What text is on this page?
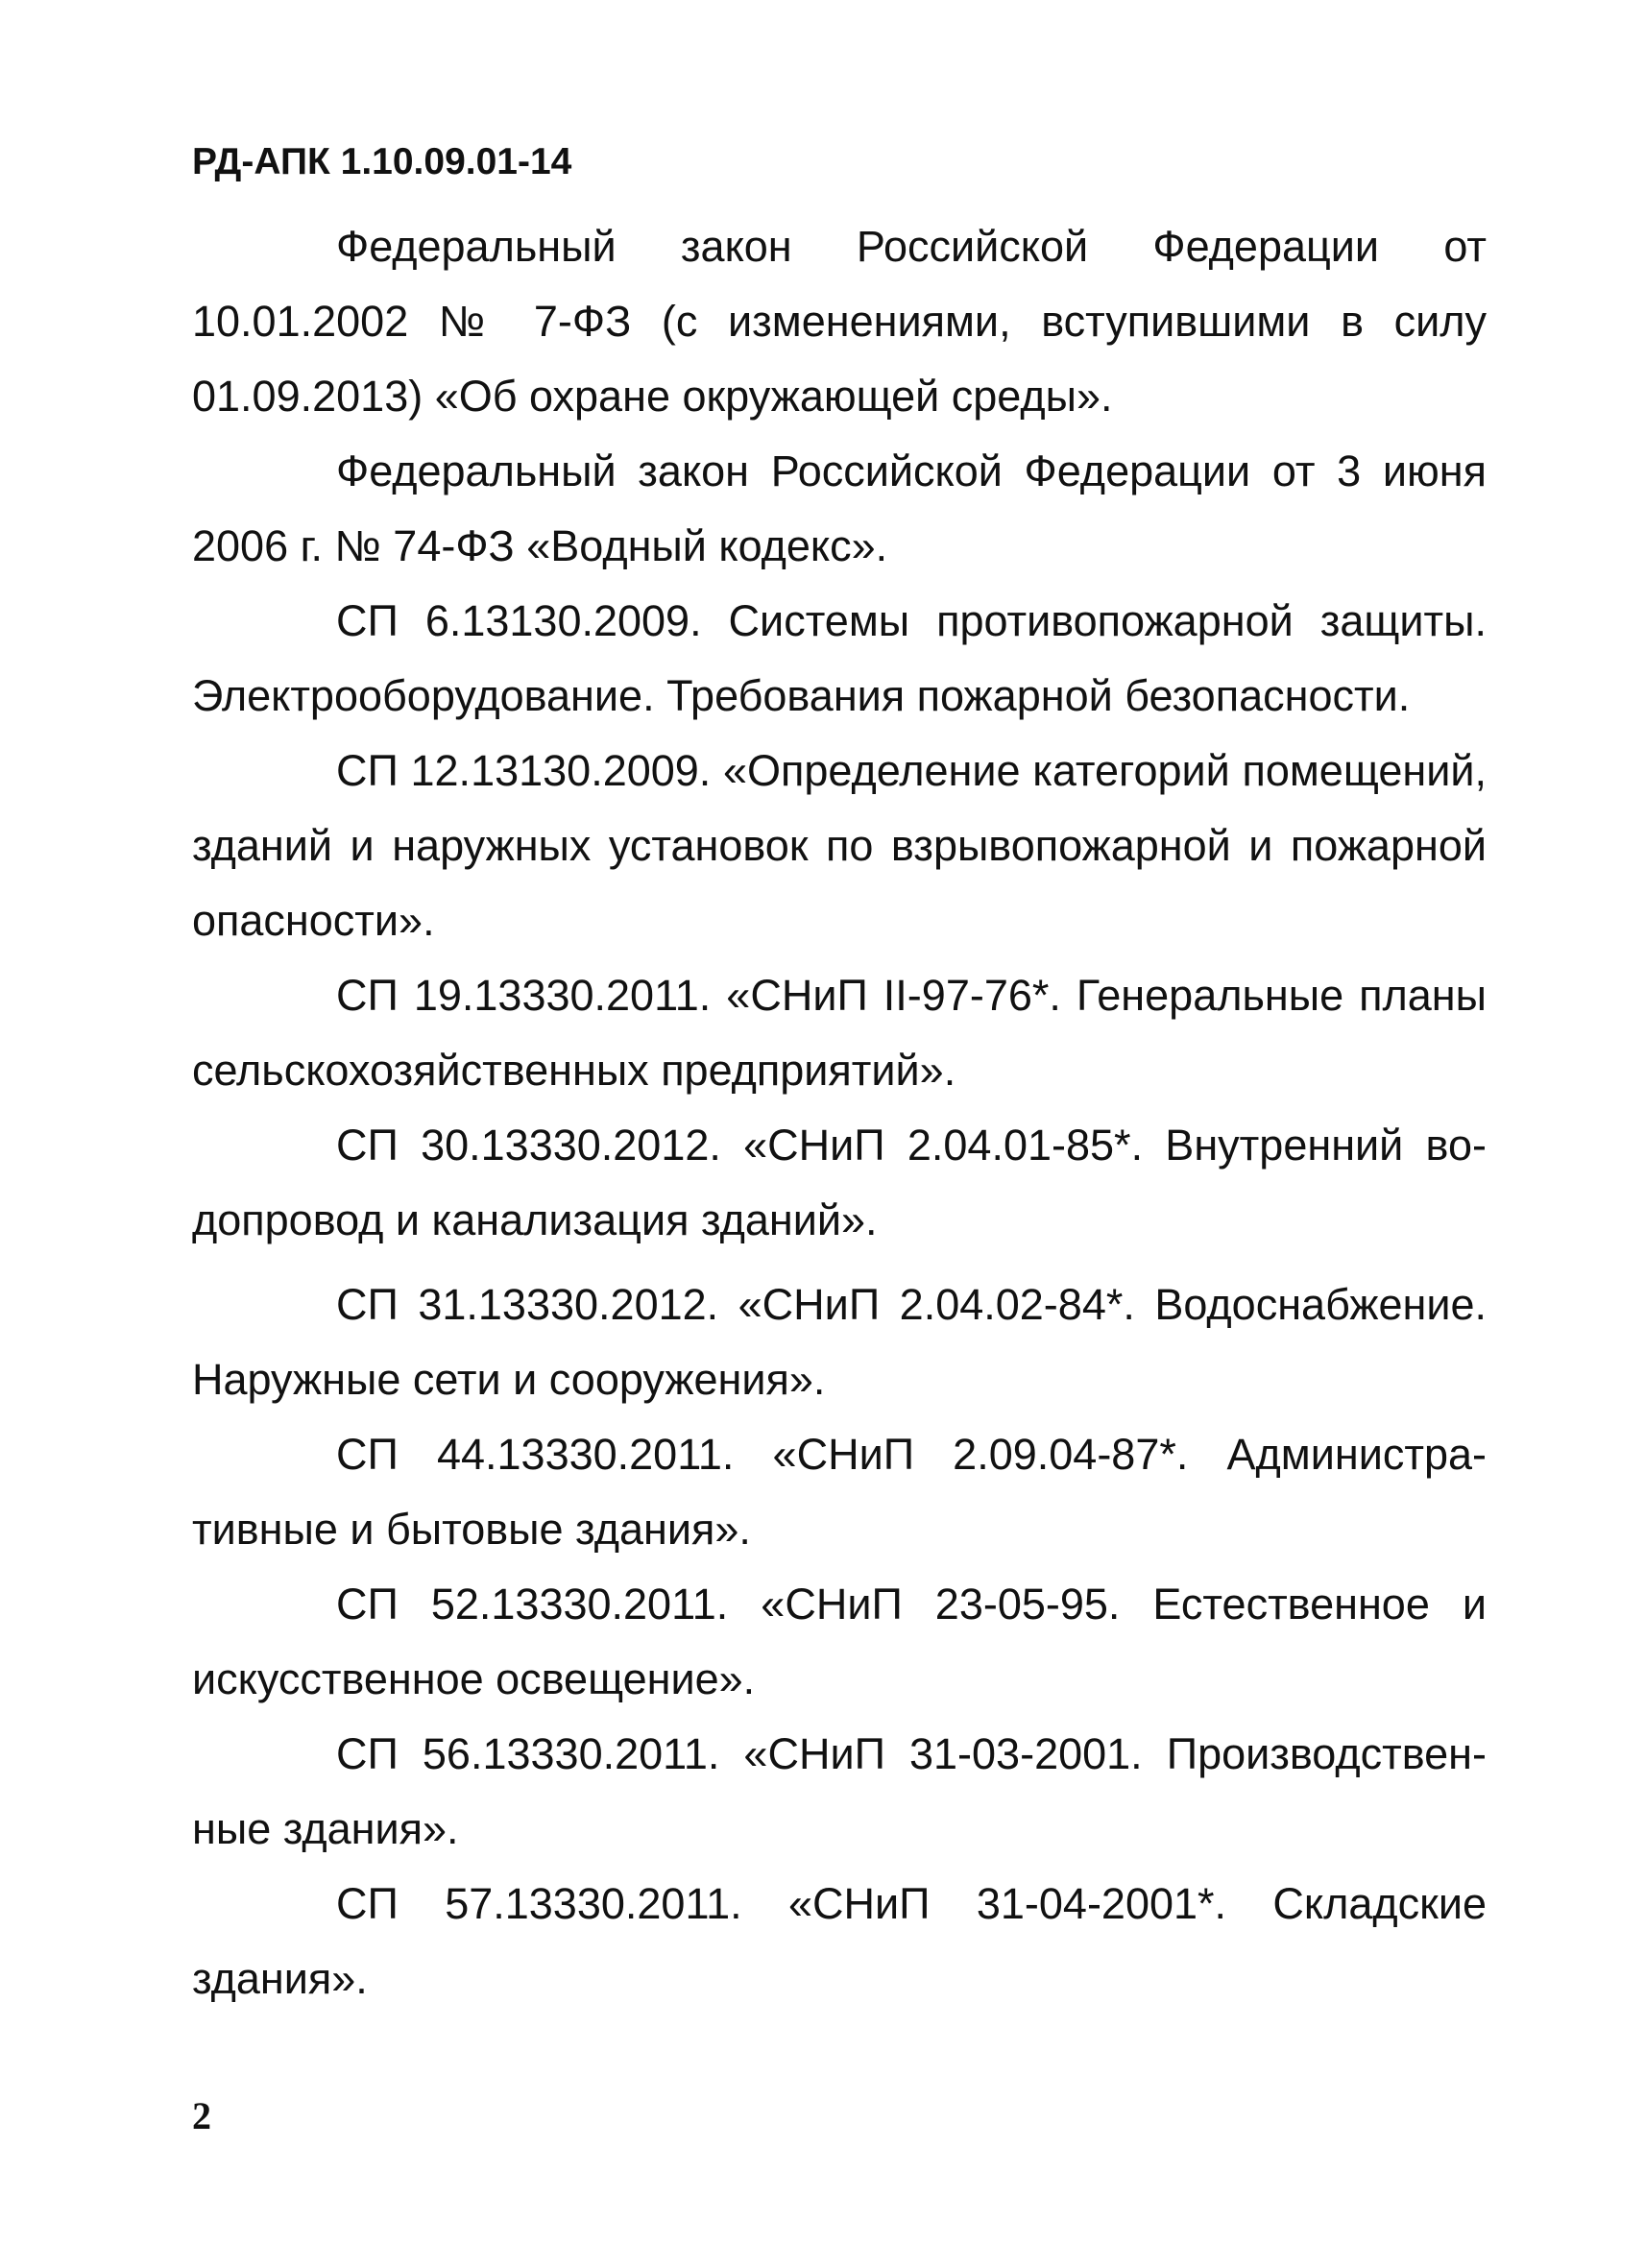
РД-АПК 1.10.09.01-14

Федеральный закон Российской Федерации от 10.01.2002 № 7-ФЗ (с изменениями, вступившими в силу 01.09.2013) «Об охране окружающей среды».

Федеральный закон Российской Федерации от 3 июня 2006 г. № 74-ФЗ «Водный кодекс».

СП 6.13130.2009. Системы противопожарной защиты. Электрооборудование. Требования пожарной безопасности.

СП 12.13130.2009. «Определение категорий помещений, зданий и наружных установок по взрывопожарной и пожарной опасности».

СП 19.13330.2011. «СНиП II-97-76*. Генеральные планы сельскохозяйственных предприятий».

СП 30.13330.2012. «СНиП 2.04.01-85*. Внутренний водопровод и канализация зданий».

СП 31.13330.2012. «СНиП 2.04.02-84*. Водоснабжение. Наружные сети и сооружения».

СП 44.13330.2011. «СНиП 2.09.04-87*. Административные и бытовые здания».

СП 52.13330.2011. «СНиП 23-05-95. Естественное и искусственное освещение».

СП 56.13330.2011. «СНиП 31-03-2001. Производственные здания».

СП 57.13330.2011. «СНиП 31-04-2001*. Складские здания».

2
